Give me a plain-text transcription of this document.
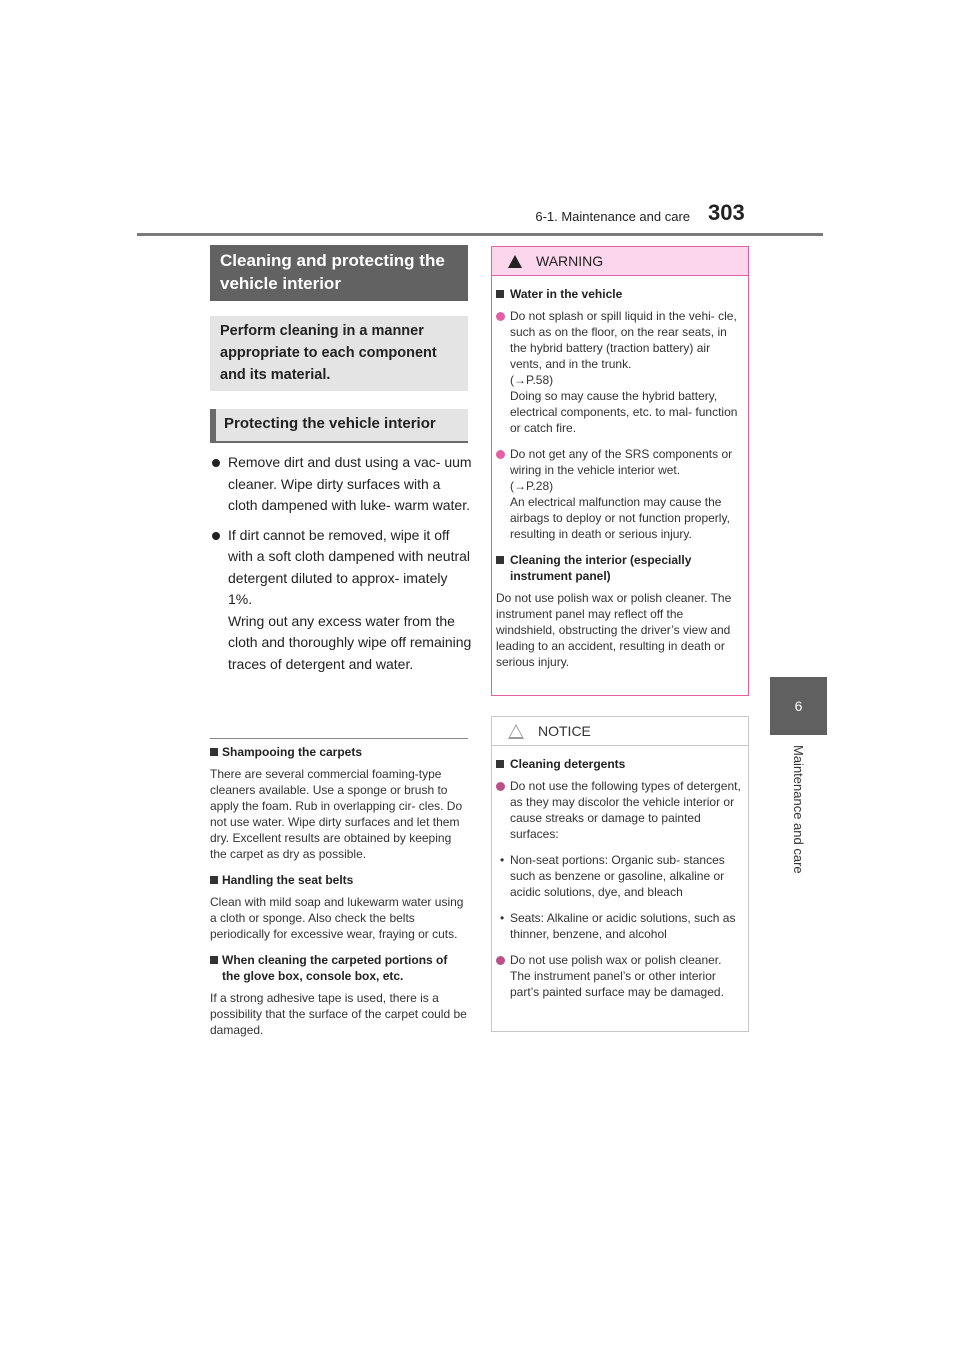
6-1. Maintenance and care 303
6
Maintenance and care
Cleaning and protecting the vehicle interior
Perform cleaning in a manner appropriate to each component and its material.
Protecting the vehicle interior
Remove dirt and dust using a vac- uum cleaner. Wipe dirty surfaces with a cloth dampened with luke- warm water.
If dirt cannot be removed, wipe it off with a soft cloth dampened with neutral detergent diluted to approx- imately 1%.
Wring out any excess water from the cloth and thoroughly wipe off remaining traces of detergent and water.

Shampooing the carpets

There are several commercial foaming-type cleaners available. Use a sponge or brush to apply the foam. Rub in overlapping cir- cles. Do not use water. Wipe dirty surfaces and let them dry. Excellent results are obtained by keeping the carpet as dry as possible.

Handling the seat belts

Clean with mild soap and lukewarm water using a cloth or sponge. Also check the belts periodically for excessive wear, fraying or cuts.

When cleaning the carpeted portions of the glove box, console box, etc.

If a strong adhesive tape is used, there is a possibility that the surface of the carpet could be damaged.

WARNING

Water in the vehicle

Do not splash or spill liquid in the vehi- cle, such as on the floor, on the rear seats, in the hybrid battery (traction battery) air vents, and in the trunk.
(→P.58)
Doing so may cause the hybrid battery, electrical components, etc. to mal- function or catch fire.

Do not get any of the SRS components or wiring in the vehicle interior wet.
(→P.28)
An electrical malfunction may cause the airbags to deploy or not function properly, resulting in death or serious injury.

Cleaning the interior (especially instrument panel)

Do not use polish wax or polish cleaner. The instrument panel may reflect off the windshield, obstructing the driver’s view and leading to an accident, resulting in death or serious injury.

NOTICE

Cleaning detergents

Do not use the following types of detergent, as they may discolor the vehicle interior or cause streaks or damage to painted surfaces:

• Non-seat portions: Organic sub- stances such as benzene or gasoline, alkaline or acidic solutions, dye, and bleach

• Seats: Alkaline or acidic solutions, such as thinner, benzene, and alcohol

Do not use polish wax or polish cleaner. The instrument panel’s or other interior part’s painted surface may be damaged.
